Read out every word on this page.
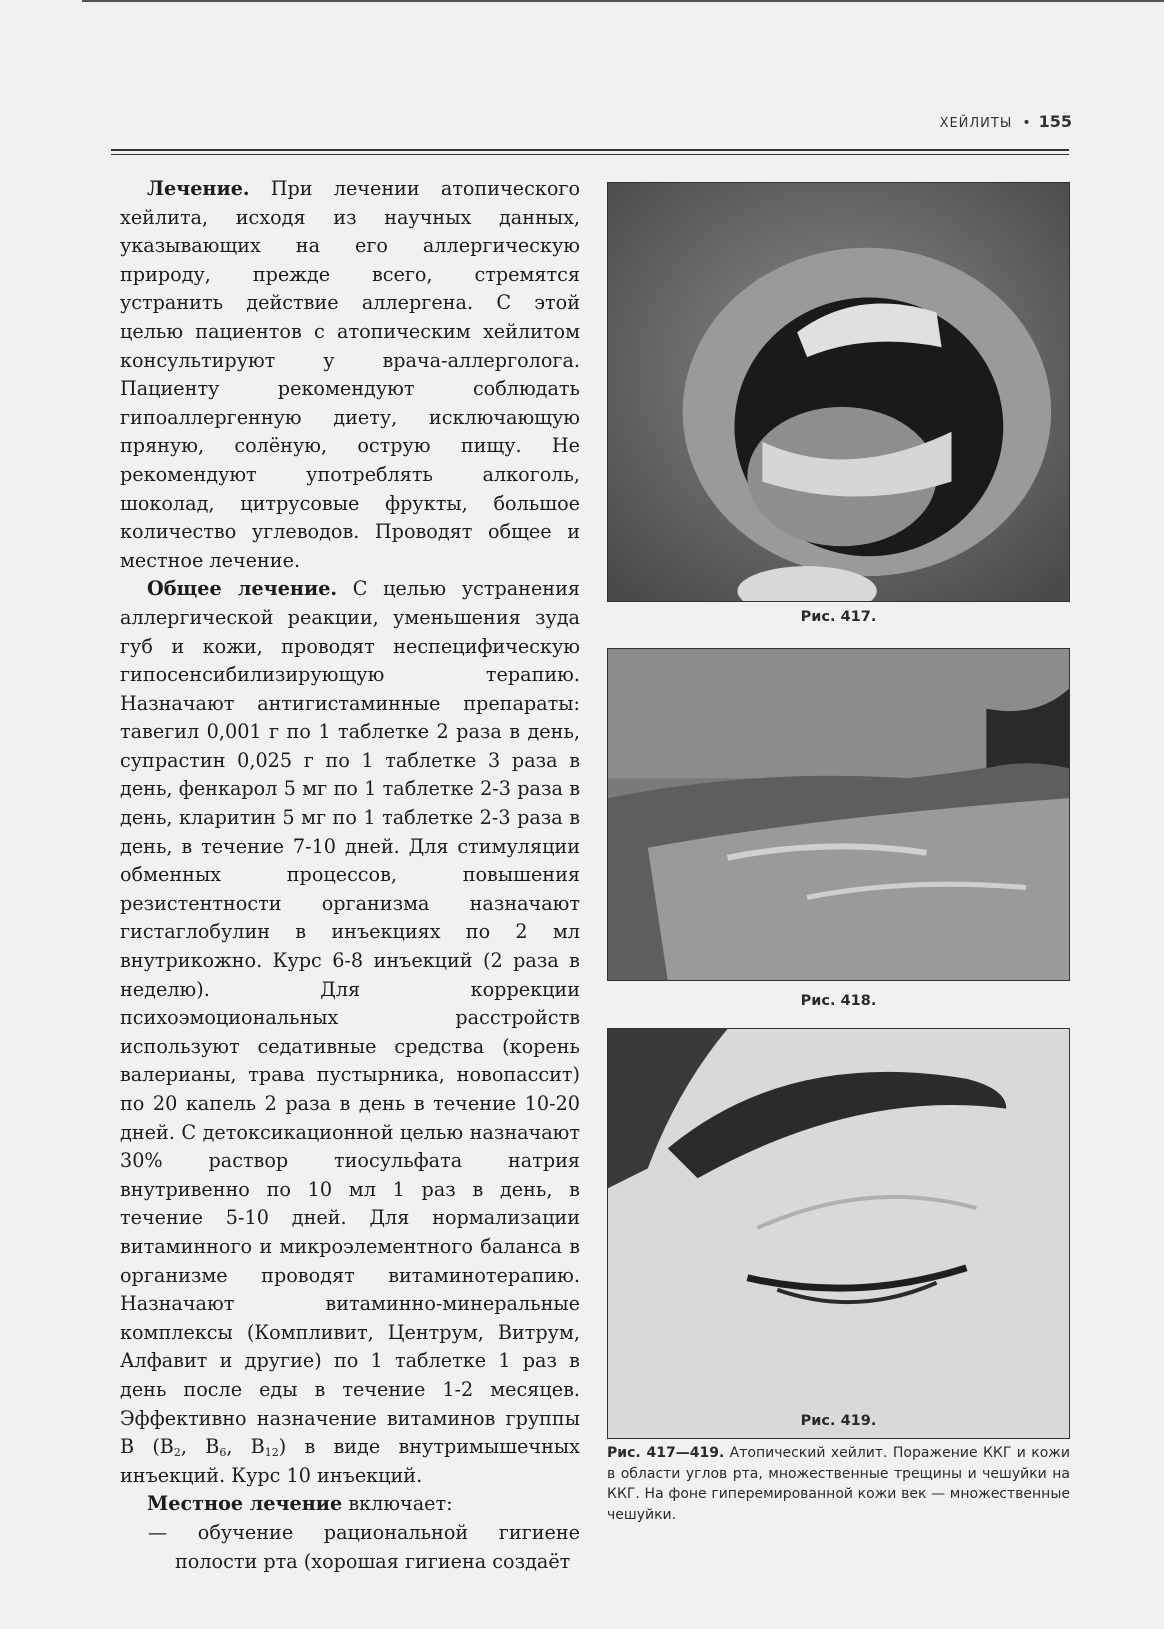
ХЕЙЛИТЫ • 155

Лечение. При лечении атопического хейлита, исходя из научных данных, указывающих на его аллергическую природу, прежде всего, стремятся устранить действие аллергена. С этой целью пациентов с атопическим хейлитом консультируют у врача-аллерголога. Пациенту рекомендуют соблюдать гипоаллергенную диету, исключающую пряную, солёную, острую пищу. Не рекомендуют употреблять алкоголь, шоколад, цитрусовые фрукты, большое количество углеводов. Проводят общее и местное лечение.

Общее лечение. С целью устранения аллергической реакции, уменьшения зуда губ и кожи, проводят неспецифическую гипосенсибилизирующую терапию. Назначают антигистаминные препараты: тавегил 0,001 г по 1 таблетке 2 раза в день, супрастин 0,025 г по 1 таблетке 3 раза в день, фенкарол 5 мг по 1 таблетке 2-3 раза в день, кларитин 5 мг по 1 таблетке 2-3 раза в день, в течение 7-10 дней. Для стимуляции обменных процессов, повышения резистентности организма назначают гистаглобулин в инъекциях по 2 мл внутрикожно. Курс 6-8 инъекций (2 раза в неделю). Для коррекции психоэмоциональных расстройств используют седативные средства (корень валерианы, трава пустырника, новопассит) по 20 капель 2 раза в день в течение 10-20 дней. С детоксикационной целью назначают 30% раствор тиосульфата натрия внутривенно по 10 мл 1 раз в день, в течение 5-10 дней. Для нормализации витаминного и микроэлементного баланса в организме проводят витаминотерапию. Назначают витаминно-минеральные комплексы (Компливит, Центрум, Витрум, Алфавит и другие) по 1 таблетке 1 раз в день после еды в течение 1-2 месяцев. Эффективно назначение витаминов группы В ($В_2$, $В_6$, $В_{12}$) в виде внутримышечных инъекций. Курс 10 инъекций.

Местное лечение включает:

— обучение рациональной гигиене полости рта (хорошая гигиена создаёт

Рис. 417.
Рис. 418.
Рис. 419.
Рис. 417—419. Атопический хейлит. Поражение ККГ и кожи в области углов рта, множественные трещины и чешуйки на ККГ. На фоне гиперемированной кожи век — множественные чешуйки.
